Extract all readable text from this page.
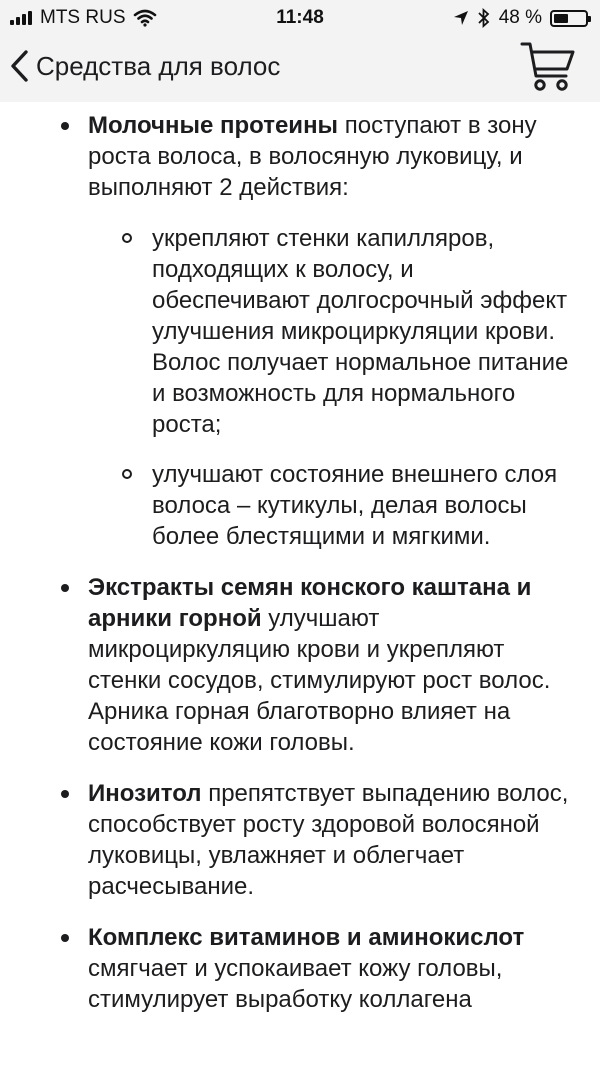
MTS RUS	11:48	48 %
Средства для волос
Молочные протеины поступают в зону роста волоса, в волосяную луковицу, и выполняют 2 действия:
укрепляют стенки капилляров, подходящих к волосу, и обеспечивают долгосрочный эффект улучшения микроциркуляции крови. Волос получает нормальное питание и возможность для нормального роста;
улучшают состояние внешнего слоя волоса – кутикулы, делая волосы более блестящими и мягкими.
Экстракты семян конского каштана и арники горной улучшают микроциркуляцию крови и укрепляют стенки сосудов, стимулируют рост волос. Арника горная благотворно влияет на состояние кожи головы.
Инозитол препятствует выпадению волос, способствует росту здоровой волосяной луковицы, увлажняет и облегчает расчесывание.
Комплекс витаминов и аминокислот смягчает и успокаивает кожу головы, стимулирует выработку коллагена
